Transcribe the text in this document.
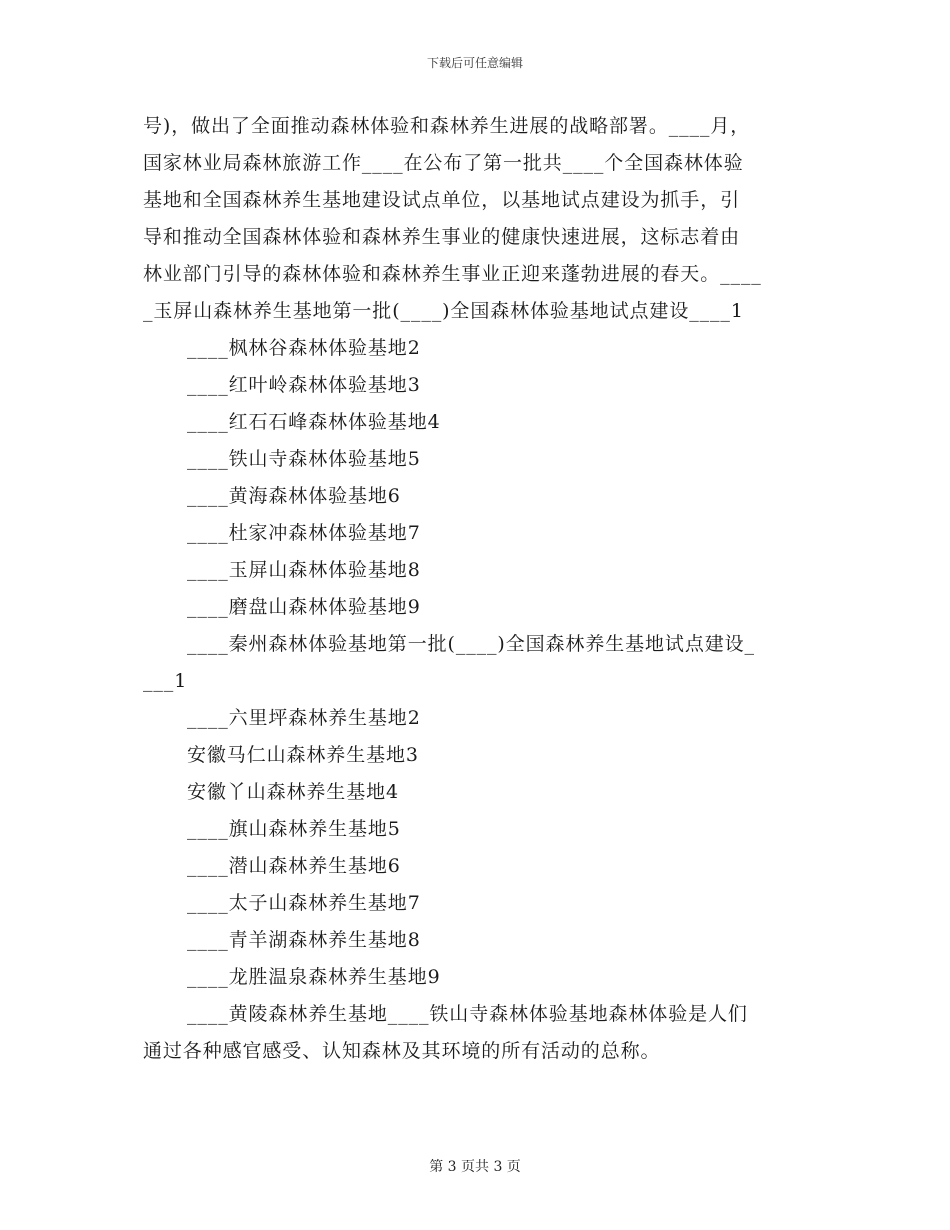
下载后可任意编辑

号)，做出了全面推动森林体验和森林养生进展的战略部署。____月，

国家林业局森林旅游工作____在公布了第一批共____个全国森林体验

基地和全国森林养生基地建设试点单位，以基地试点建设为抓手，引

导和推动全国森林体验和森林养生事业的健康快速进展，这标志着由

林业部门引导的森林体验和森林养生事业正迎来蓬勃进展的春天。____

_玉屏山森林养生基地第一批(____)全国森林体验基地试点建设____1

____枫林谷森林体验基地2

____红叶岭森林体验基地3

____红石石峰森林体验基地4

____铁山寺森林体验基地5

____黄海森林体验基地6

____杜家冲森林体验基地7

____玉屏山森林体验基地8

____磨盘山森林体验基地9

____秦州森林体验基地第一批(____)全国森林养生基地试点建设_

___1

____六里坪森林养生基地2

安徽马仁山森林养生基地3

安徽丫山森林养生基地4

____旗山森林养生基地5

____潜山森林养生基地6

____太子山森林养生基地7

____青羊湖森林养生基地8

____龙胜温泉森林养生基地9

____黄陵森林养生基地____铁山寺森林体验基地森林体验是人们

通过各种感官感受、认知森林及其环境的所有活动的总称。

第 3 页共 3 页
